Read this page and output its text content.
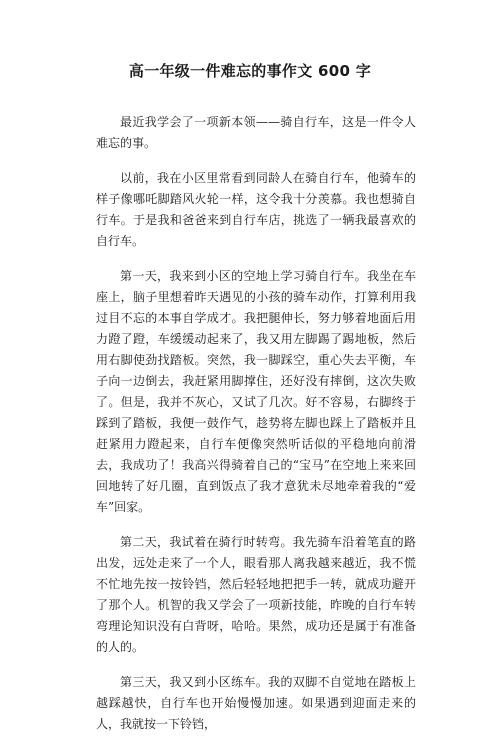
高一年级一件难忘的事作文 600 字

最近我学会了一项新本领——骑自行车，这是一件令人难忘的事。

以前，我在小区里常看到同龄人在骑自行车，他骑车的样子像哪吒脚踏风火轮一样，这令我十分羡慕。我也想骑自行车。于是我和爸爸来到自行车店，挑选了一辆我最喜欢的自行车。

第一天，我来到小区的空地上学习骑自行车。我坐在车座上，脑子里想着昨天遇见的小孩的骑车动作，打算利用我过目不忘的本事自学成才。我把腿伸长，努力够着地面后用力蹬了蹬，车缓缓动起来了，我又用左脚踢了踢地板，然后用右脚使劲找踏板。突然，我一脚踩空，重心失去平衡，车子向一边倒去，我赶紧用脚撑住，还好没有摔倒，这次失败了。但是，我并不灰心，又试了几次。好不容易，右脚终于踩到了踏板，我便一鼓作气，趁势将左脚也踩上了踏板并且赶紧用力蹬起来，自行车便像突然听话似的平稳地向前滑去，我成功了！我高兴得骑着自己的“宝马”在空地上来来回回地转了好几圈，直到饭点了我才意犹未尽地牵着我的“爱车”回家。

第二天，我试着在骑行时转弯。我先骑车沿着笔直的路出发，远处走来了一个人，眼看那人离我越来越近，我不慌不忙地先按一按铃铛，然后轻轻地把把手一转，就成功避开了那个人。机智的我又学会了一项新技能，昨晚的自行车转弯理论知识没有白背呀，哈哈。果然，成功还是属于有准备的人的。

第三天，我又到小区练车。我的双脚不自觉地在踏板上越踩越快，自行车也开始慢慢加速。如果遇到迎面走来的人，我就按一下铃铛，
